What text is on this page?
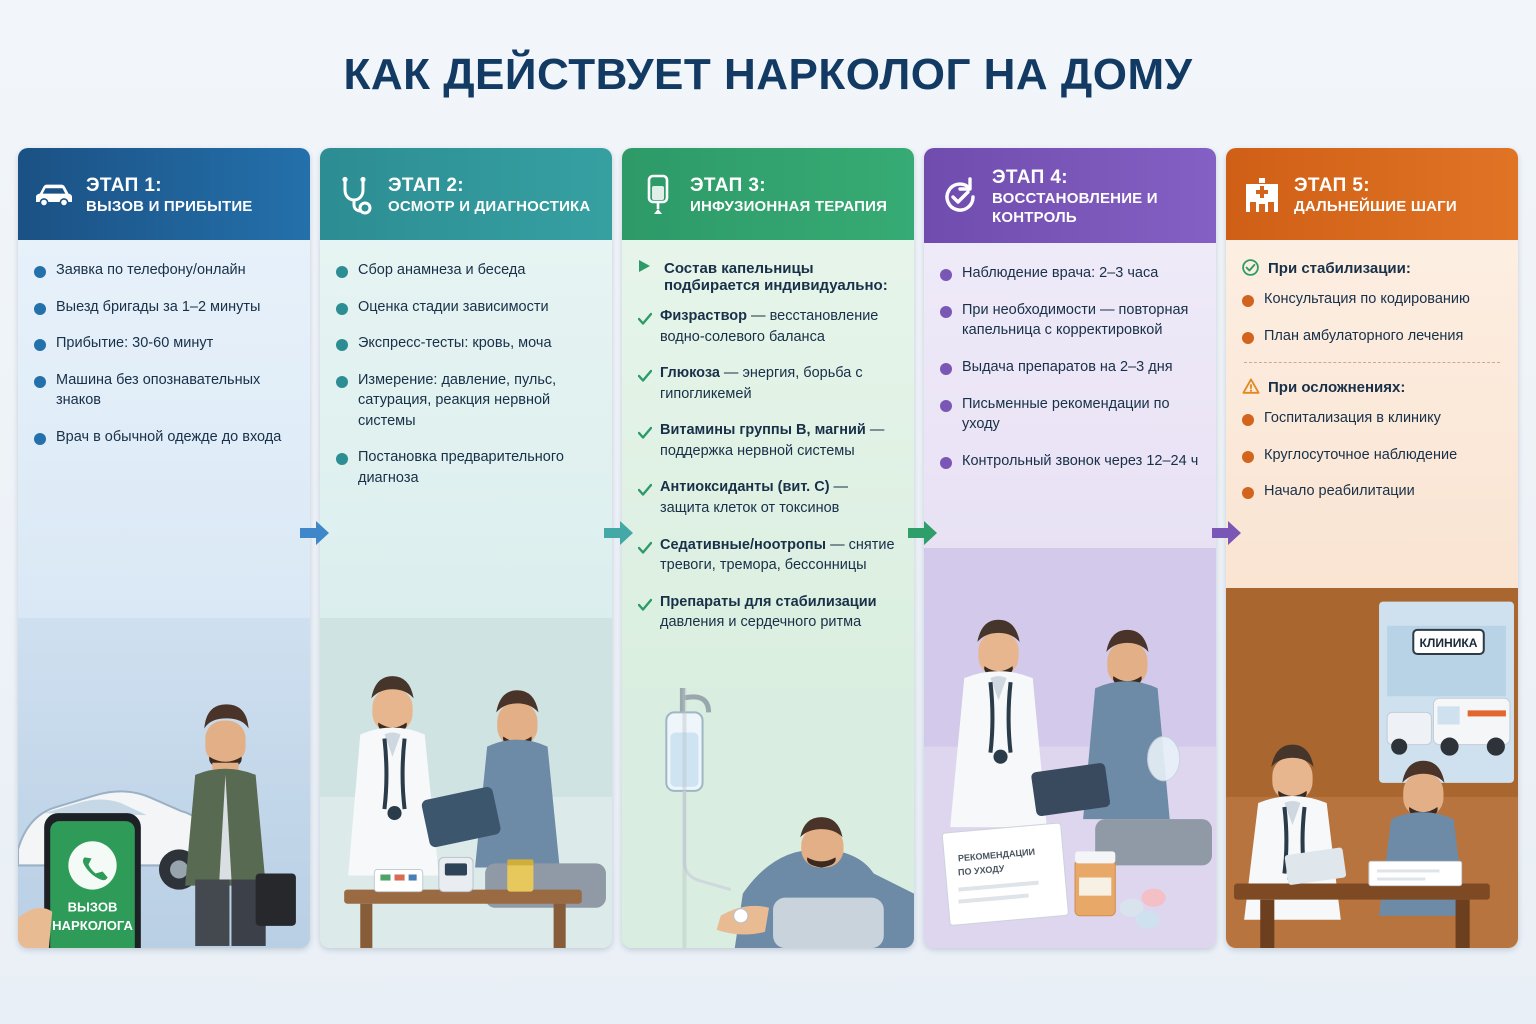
КАК ДЕЙСТВУЕТ НАРКОЛОГ НА ДОМУ
ЭТАП 1:
ВЫЗОВ И ПРИБЫТИЕ
Заявка по телефону/онлайн
Выезд бригады за 1–2 минуты
Прибытие: 30-60 минут
Машина без опознавательных знаков
Врач в обычной одежде до входа
ВЫЗОВ
НАРКОЛОГА
ЭТАП 2:
ОСМОТР И ДИАГНОСТИКА
Сбор анамнеза и беседа
Оценка стадии зависимости
Экспресс-тесты: кровь, моча
Измерение: давление, пульс, сатурация, реакция нервной системы
Постановка предварительного диагноза
ЭТАП 3:
ИНФУЗИОННАЯ ТЕРАПИЯ
Состав капельницы подбирается индивидуально:
Физраствор — весстановление водно-солевого баланса
Глюкоза — энергия, борьба с гипогликемей
Витамины группы В, магний — поддержка нервной системы
Антиоксиданты (вит. С) — защита клеток от токсинов
Седативные/ноотропы — снятие тревоги, тремора, бессонницы
Препараты для стабилизации давления и сердечного ритма
ЭТАП 4:
ВОССТАНОВЛЕНИЕ И КОНТРОЛЬ
Наблюдение врача: 2–3 часа
При необходимости — повторная капельница с корректировкой
Выдача препаратов на 2–3 дня
Письменные рекомендации по уходу
Контрольный звонок через 12–24 ч
РЕКОМЕНДАЦИИ
ПО УХОДУ
ЭТАП 5:
ДАЛЬНЕЙШИЕ ШАГИ
При стабилизации:
Консультация по кодированию
План амбулаторного лечения
При осложнениях:
Госпитализация в клинику
Круглосуточное наблюдение
Начало реабилитации
КЛИНИКА
